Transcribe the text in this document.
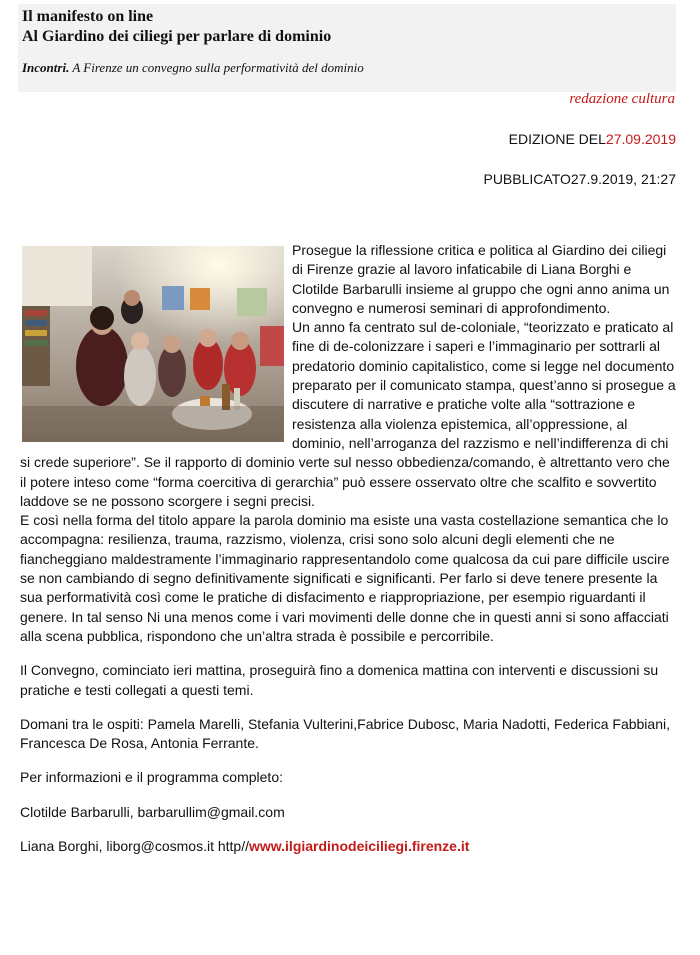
Il manifesto on line
Al Giardino dei ciliegi per parlare di dominio
Incontri. A Firenze un convegno sulla performatività del dominio
redazione cultura
EDIZIONE DEL27.09.2019
PUBBLICATO27.9.2019, 21:27

Prosegue la riflessione critica e politica al Giardino dei ciliegi di Firenze grazie al lavoro infaticabile di Liana Borghi e Clotilde Barbarulli insieme al gruppo che ogni anno anima un convegno e numerosi seminari di approfondimento.

Un anno fa centrato sul de-coloniale, “teorizzato e praticato al fine di de-colonizzare i saperi e l’immaginario per sottrarli al predatorio dominio capitalistico, come si legge nel documento preparato per il comunicato stampa, quest’anno si prosegue a discutere di narrative e pratiche volte alla “sottrazione e resistenza alla violenza epistemica, all’oppressione, al dominio, nell’arroganza del razzismo e nell’indifferenza di chi si crede superiore”. Se il rapporto di dominio verte sul nesso obbedienza/comando, è altrettanto vero che il potere inteso come “forma coercitiva di gerarchia” può essere osservato oltre che scalfito e sovvertito laddove se ne possono scorgere i segni precisi.

E così nella forma del titolo appare la parola dominio ma esiste una vasta costellazione semantica che lo accompagna: resilienza, trauma, razzismo, violenza, crisi sono solo alcuni degli elementi che ne fiancheggiano maldestramente l’immaginario rappresentandolo come qualcosa da cui pare difficile uscire se non cambiando di segno definitivamente significati e significanti. Per farlo si deve tenere presente la sua performatività così come le pratiche di disfacimento e riappropriazione, per esempio riguardanti il genere. In tal senso Ni una menos come i vari movimenti delle donne che in questi anni si sono affacciati alla scena pubblica, rispondono che un’altra strada è possibile e percorribile.

Il Convegno, cominciato ieri mattina, proseguirà fino a domenica mattina con interventi e discussioni su pratiche e testi collegati a questi temi.

Domani tra le ospiti: Pamela Marelli, Stefania Vulterini,Fabrice Dubosc, Maria Nadotti, Federica Fabbiani, Francesca De Rosa, Antonia Ferrante.

Per informazioni e il programma completo:

Clotilde Barbarulli, barbarullim@gmail.com

Liana Borghi, liborg@cosmos.it http//www.ilgiardinodeiciliegi.firenze.it
